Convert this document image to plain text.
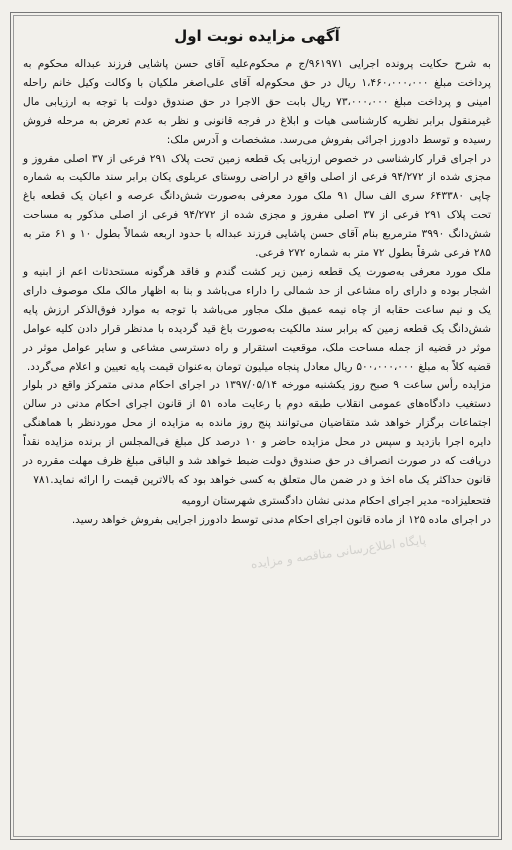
آگهی مزایده نوبت اول

به شرح حکایت پرونده اجرایی ۹۶۱۹۷۱/ج م محکوم‌علیه آقای حسن پاشایی فرزند عبداله محکوم به پرداخت مبلغ ۱،۴۶۰،۰۰۰،۰۰۰ ریال در حق محکوم‌له آقای علی‌اصغر ملکیان با وکالت وکیل خانم راحله امینی و پرداخت مبلغ ۷۳،۰۰۰،۰۰۰ ریال بابت حق الاجرا در حق صندوق دولت با توجه به ارزیابی مال غیرمنقول برابر نظریه کارشناسی هیات و ابلاغ در فرجه قانونی و نظر به عدم تعرض به مرحله فروش رسیده و توسط دادورز اجرائی بفروش می‌رسد. مشخصات و آدرس ملک:

در اجرای قرار کارشناسی در خصوص ارزیابی یک قطعه زمین تحت پلاک ۲۹۱ فرعی از ۳۷ اصلی مفروز و مجزی شده از ۹۴/۲۷۲ فرعی از اصلی واقع در اراضی روستای عربلوی یکان برابر سند مالکیت به شماره چاپی ۶۴۳۳۸۰ سری الف سال ۹۱ ملک مورد معرفی به‌صورت شش‌دانگ عرصه و اعیان یک قطعه باغ تحت پلاک ۲۹۱ فرعی از ۳۷ اصلی مفروز و مجزی شده از ۹۴/۲۷۲ فرعی از اصلی مذکور به مساحت شش‌دانگ ۳۹۹۰ مترمربع بنام آقای حسن پاشایی فرزند عبداله با حدود اربعه شمالاً بطول ۱۰ و ۶۱ متر به ۲۸۵ فرعی شرقاً بطول ۷۲ متر به شماره ۲۷۲ فرعی.

ملک مورد معرفی به‌صورت یک قطعه زمین زیر کشت گندم و فاقد هرگونه مستحدثات اعم از ابنیه و اشجار بوده و دارای راه مشاعی از حد شمالی را داراء می‌باشد و بنا به اظهار مالک ملک موصوف دارای یک و نیم ساعت حقابه از چاه نیمه عمیق ملک مجاور می‌باشد با توجه به موارد فوق‌الذکر ارزش پایه شش‌دانگ یک قطعه زمین که برابر سند مالکیت به‌صورت باغ قید گردیده با مدنظر قرار دادن کلیه عوامل موثر در قضیه از جمله مساحت ملک، موقعیت استقرار و راه دسترسی مشاعی و سایر عوامل موثر در قضیه کلاً به مبلغ ۵۰۰،۰۰۰،۰۰۰ ریال معادل پنجاه میلیون تومان به‌عنوان قیمت پایه تعیین و اعلام می‌گردد.

مزایده رأس ساعت ۹ صبح روز یکشنبه مورخه ۱۳۹۷/۰۵/۱۴ در اجرای احکام مدنی متمرکز واقع در بلوار دستغیب دادگاه‌های عمومی انقلاب طبقه دوم با رعایت ماده ۵۱ از قانون اجرای احکام مدنی در سالن اجتماعات برگزار خواهد شد متقاضیان می‌توانند پنج روز مانده به مزایده از محل موردنظر با هماهنگی دایره اجرا بازدید و سپس در محل مزایده حاضر و ۱۰ درصد کل مبلغ فی‌المجلس از برنده مزایده نقداً دریافت که در صورت انصراف در حق صندوق دولت ضبط خواهد شد و الباقی مبلغ ظرف مهلت مقرره در قانون حداکثر یک ماه اخذ و در ضمن مال متعلق به کسی خواهد بود که بالاترین قیمت را ارائه نماید.۷۸۱

فتحعلیزاده- مدیر اجرای احکام مدنی نشان دادگستری شهرستان ارومیه

در اجرای ماده ۱۲۵ از ماده قانون اجرای احکام مدنی توسط دادورز اجرایی بفروش خواهد رسید.

پایگاه اطلاع‌رسانی مناقصه و مزایده
